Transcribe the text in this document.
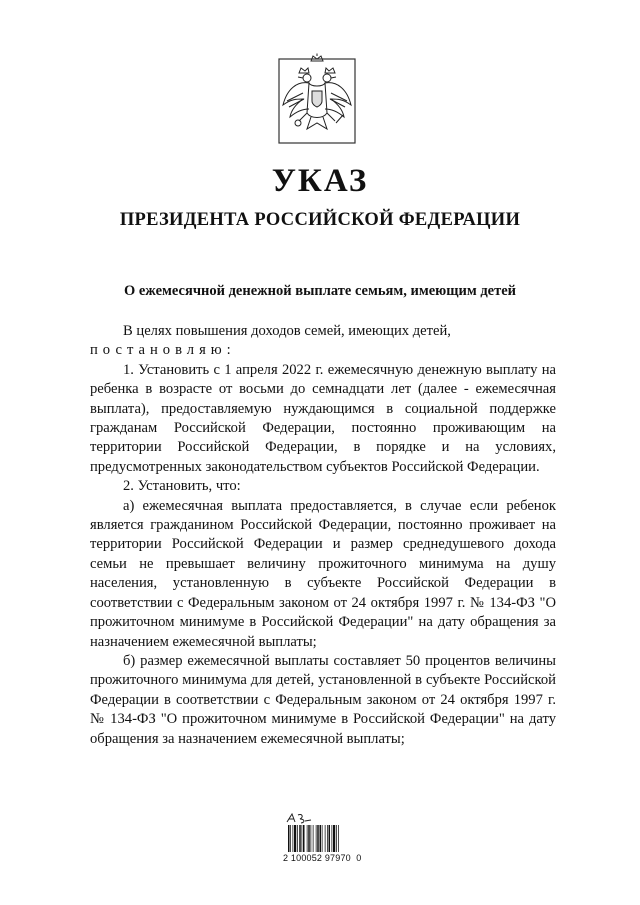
УКАЗ
ПРЕЗИДЕНТА РОССИЙСКОЙ ФЕДЕРАЦИИ
О ежемесячной денежной выплате семьям, имеющим детей

В целях повышения доходов семей, имеющих детей,

постановляю:

1. Установить с 1 апреля 2022 г. ежемесячную денежную выплату на ребенка в возрасте от восьми до семнадцати лет (далее - ежемесячная выплата), предоставляемую нуждающимся в социальной поддержке гражданам Российской Федерации, постоянно проживающим на территории Российской Федерации, в порядке и на условиях, предусмотренных законодательством субъектов Российской Федерации.

2. Установить, что:

а) ежемесячная выплата предоставляется, в случае если ребенок является гражданином Российской Федерации, постоянно проживает на территории Российской Федерации и размер среднедушевого дохода семьи не превышает величину прожиточного минимума на душу населения, установленную в субъекте Российской Федерации в соответствии с Федеральным законом от 24 октября 1997 г. № 134-ФЗ "О прожиточном минимуме в Российской Федерации" на дату обращения за назначением ежемесячной выплаты;

б) размер ежемесячной выплаты составляет 50 процентов величины прожиточного минимума для детей, установленной в субъекте Российской Федерации в соответствии с Федеральным законом от 24 октября 1997 г. № 134-ФЗ "О прожиточном минимуме в Российской Федерации" на дату обращения за назначением ежемесячной выплаты;

2 100052 97970  0
